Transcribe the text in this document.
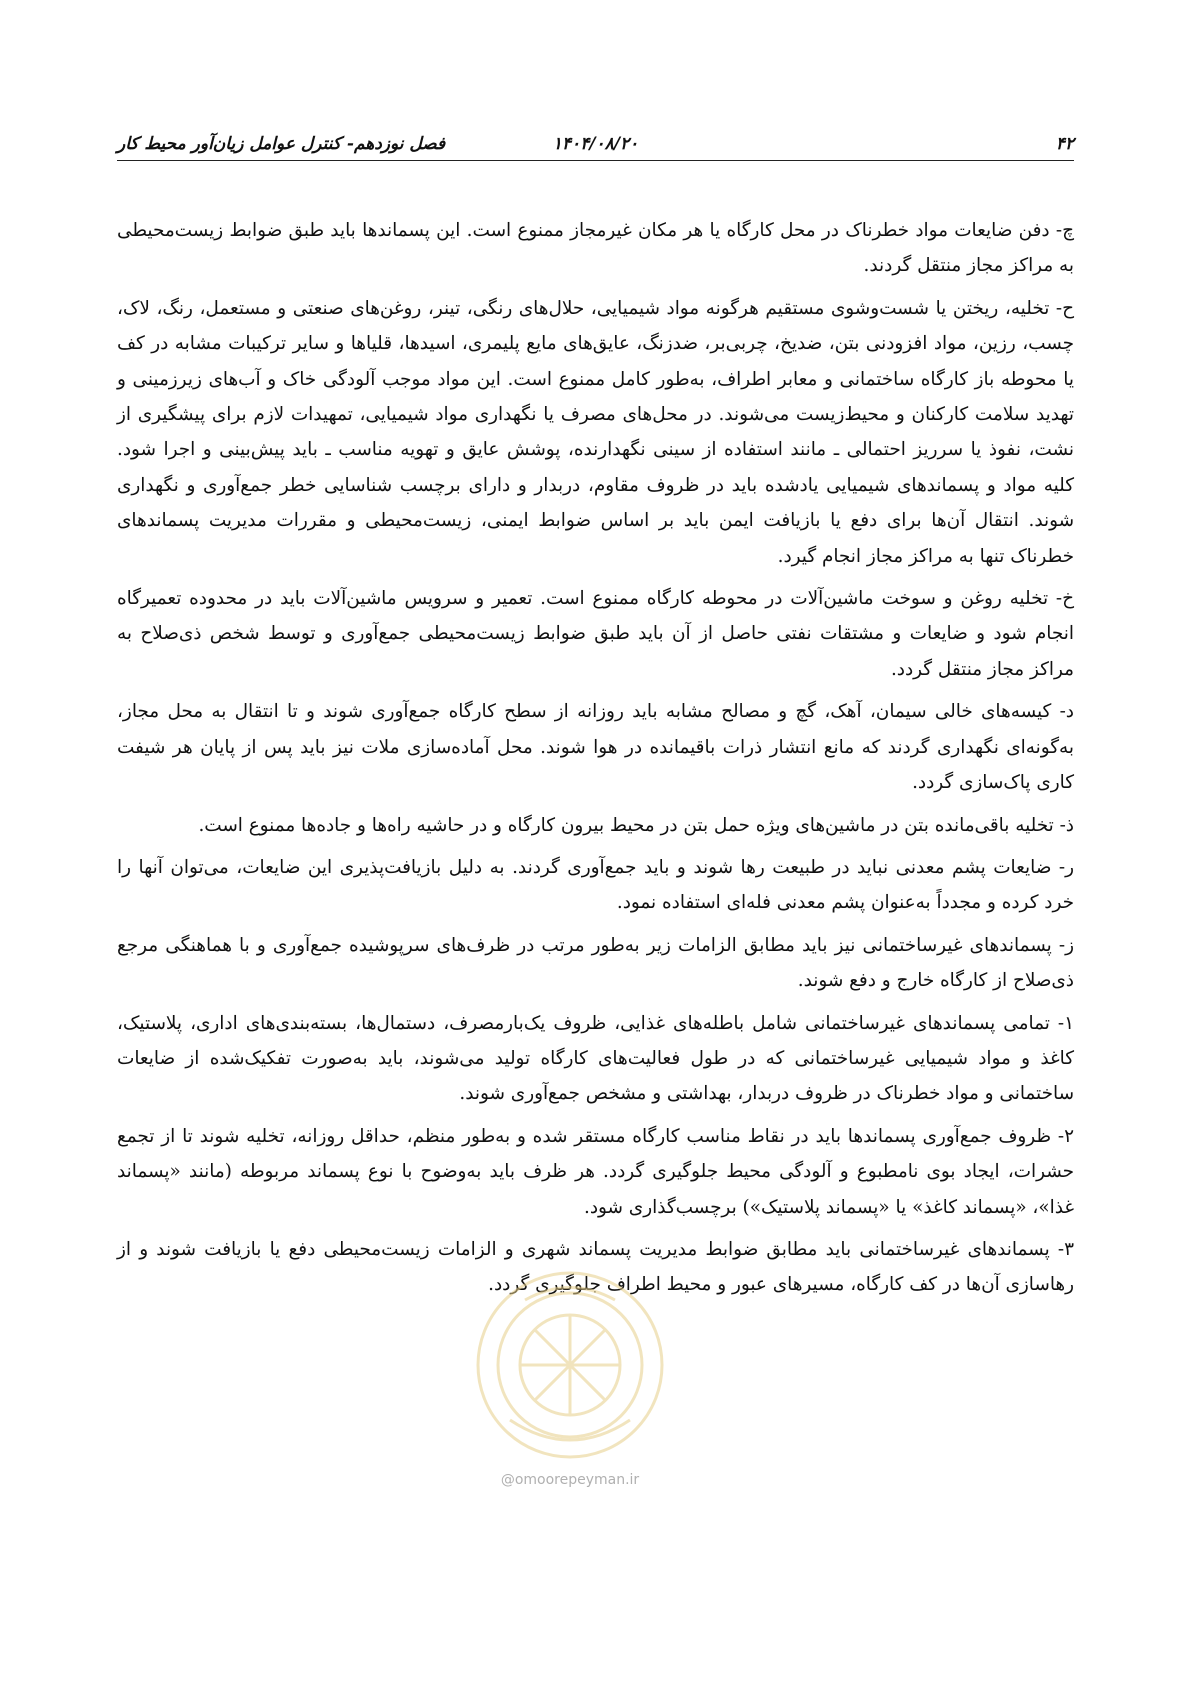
۴۲
۱۴۰۴/۰۸/۲۰
فصل نوزدهم- کنترل عوامل زیان‌آور محیط کار

چ- دفن ضایعات مواد خطرناک در محل کارگاه یا هر مکان غیرمجاز ممنوع است. این پسماندها باید طبق ضوابط زیست‌محیطی به مراکز مجاز منتقل گردند.

ح- تخلیه، ریختن یا شست‌وشوی مستقیم هرگونه مواد شیمیایی، حلال‌های رنگی، تینر، روغن‌های صنعتی و مستعمل، رنگ، لاک، چسب، رزین، مواد افزودنی بتن، ضدیخ، چربی‌بر، ضدزنگ، عایق‌های مایع پلیمری، اسیدها، قلیاها و سایر ترکیبات مشابه در کف یا محوطه باز کارگاه ساختمانی و معابر اطراف، به‌طور کامل ممنوع است. این مواد موجب آلودگی خاک و آب‌های زیرزمینی و تهدید سلامت کارکنان و محیط‌زیست می‌شوند. در محل‌های مصرف یا نگهداری مواد شیمیایی، تمهیدات لازم برای پیشگیری از نشت، نفوذ یا سرریز احتمالی ـ مانند استفاده از سینی نگهدارنده، پوشش عایق و تهویه مناسب ـ باید پیش‌بینی و اجرا شود. کلیه مواد و پسماندهای شیمیایی یادشده باید در ظروف مقاوم، دربدار و دارای برچسب شناسایی خطر جمع‌آوری و نگهداری شوند. انتقال آن‌ها برای دفع یا بازیافت ایمن باید بر اساس ضوابط ایمنی، زیست‌محیطی و مقررات مدیریت پسماندهای خطرناک تنها به مراکز مجاز انجام گیرد.

خ- تخلیه روغن و سوخت ماشین‌آلات در محوطه کارگاه ممنوع است. تعمیر و سرویس ماشین‌آلات باید در محدوده تعمیرگاه انجام شود و ضایعات و مشتقات نفتی حاصل از آن باید طبق ضوابط زیست‌محیطی جمع‌آوری و توسط شخص ذی‌صلاح به مراکز مجاز منتقل گردد.

د- کیسه‌های خالی سیمان، آهک، گچ و مصالح مشابه باید روزانه از سطح کارگاه جمع‌آوری شوند و تا انتقال به محل مجاز، به‌گونه‌ای نگهداری گردند که مانع انتشار ذرات باقیمانده در هوا شوند. محل آماده‌سازی ملات نیز باید پس از پایان هر شیفت کاری پاک‌سازی گردد.

ذ- تخلیه باقی‌مانده بتن در ماشین‌های ویژه حمل بتن در محیط بیرون کارگاه و در حاشیه راه‌ها و جاده‌ها ممنوع است.

ر- ضایعات پشم معدنی نباید در طبیعت رها شوند و باید جمع‌آوری گردند. به دلیل بازیافت‌پذیری این ضایعات، می‌توان آنها را خرد کرده و مجدداً به‌عنوان پشم معدنی فله‌ای استفاده نمود.

ز- پسماندهای غیرساختمانی نیز باید مطابق الزامات زیر به‌طور مرتب در ظرف‌های سرپوشیده جمع‌آوری و با هماهنگی مرجع ذی‌صلاح از کارگاه خارج و دفع شوند.

۱- تمامی پسماندهای غیرساختمانی شامل باطله‌های غذایی، ظروف یک‌بارمصرف، دستمال‌ها، بسته‌بندی‌های اداری، پلاستیک، کاغذ و مواد شیمیایی غیرساختمانی که در طول فعالیت‌های کارگاه تولید می‌شوند، باید به‌صورت تفکیک‌شده از ضایعات ساختمانی و مواد خطرناک در ظروف دربدار، بهداشتی و مشخص جمع‌آوری شوند.

۲- ظروف جمع‌آوری پسماندها باید در نقاط مناسب کارگاه مستقر شده و به‌طور منظم، حداقل روزانه، تخلیه شوند تا از تجمع حشرات، ایجاد بوی نامطبوع و آلودگی محیط جلوگیری گردد. هر ظرف باید به‌وضوح با نوع پسماند مربوطه (مانند «پسماند غذا»، «پسماند کاغذ» یا «پسماند پلاستیک») برچسب‌گذاری شود.

۳- پسماندهای غیرساختمانی باید مطابق ضوابط مدیریت پسماند شهری و الزامات زیست‌محیطی دفع یا بازیافت شوند و از رهاسازی آن‌ها در کف کارگاه، مسیرهای عبور و محیط اطراف جلوگیری گردد.

@omoorepeyman.ir
